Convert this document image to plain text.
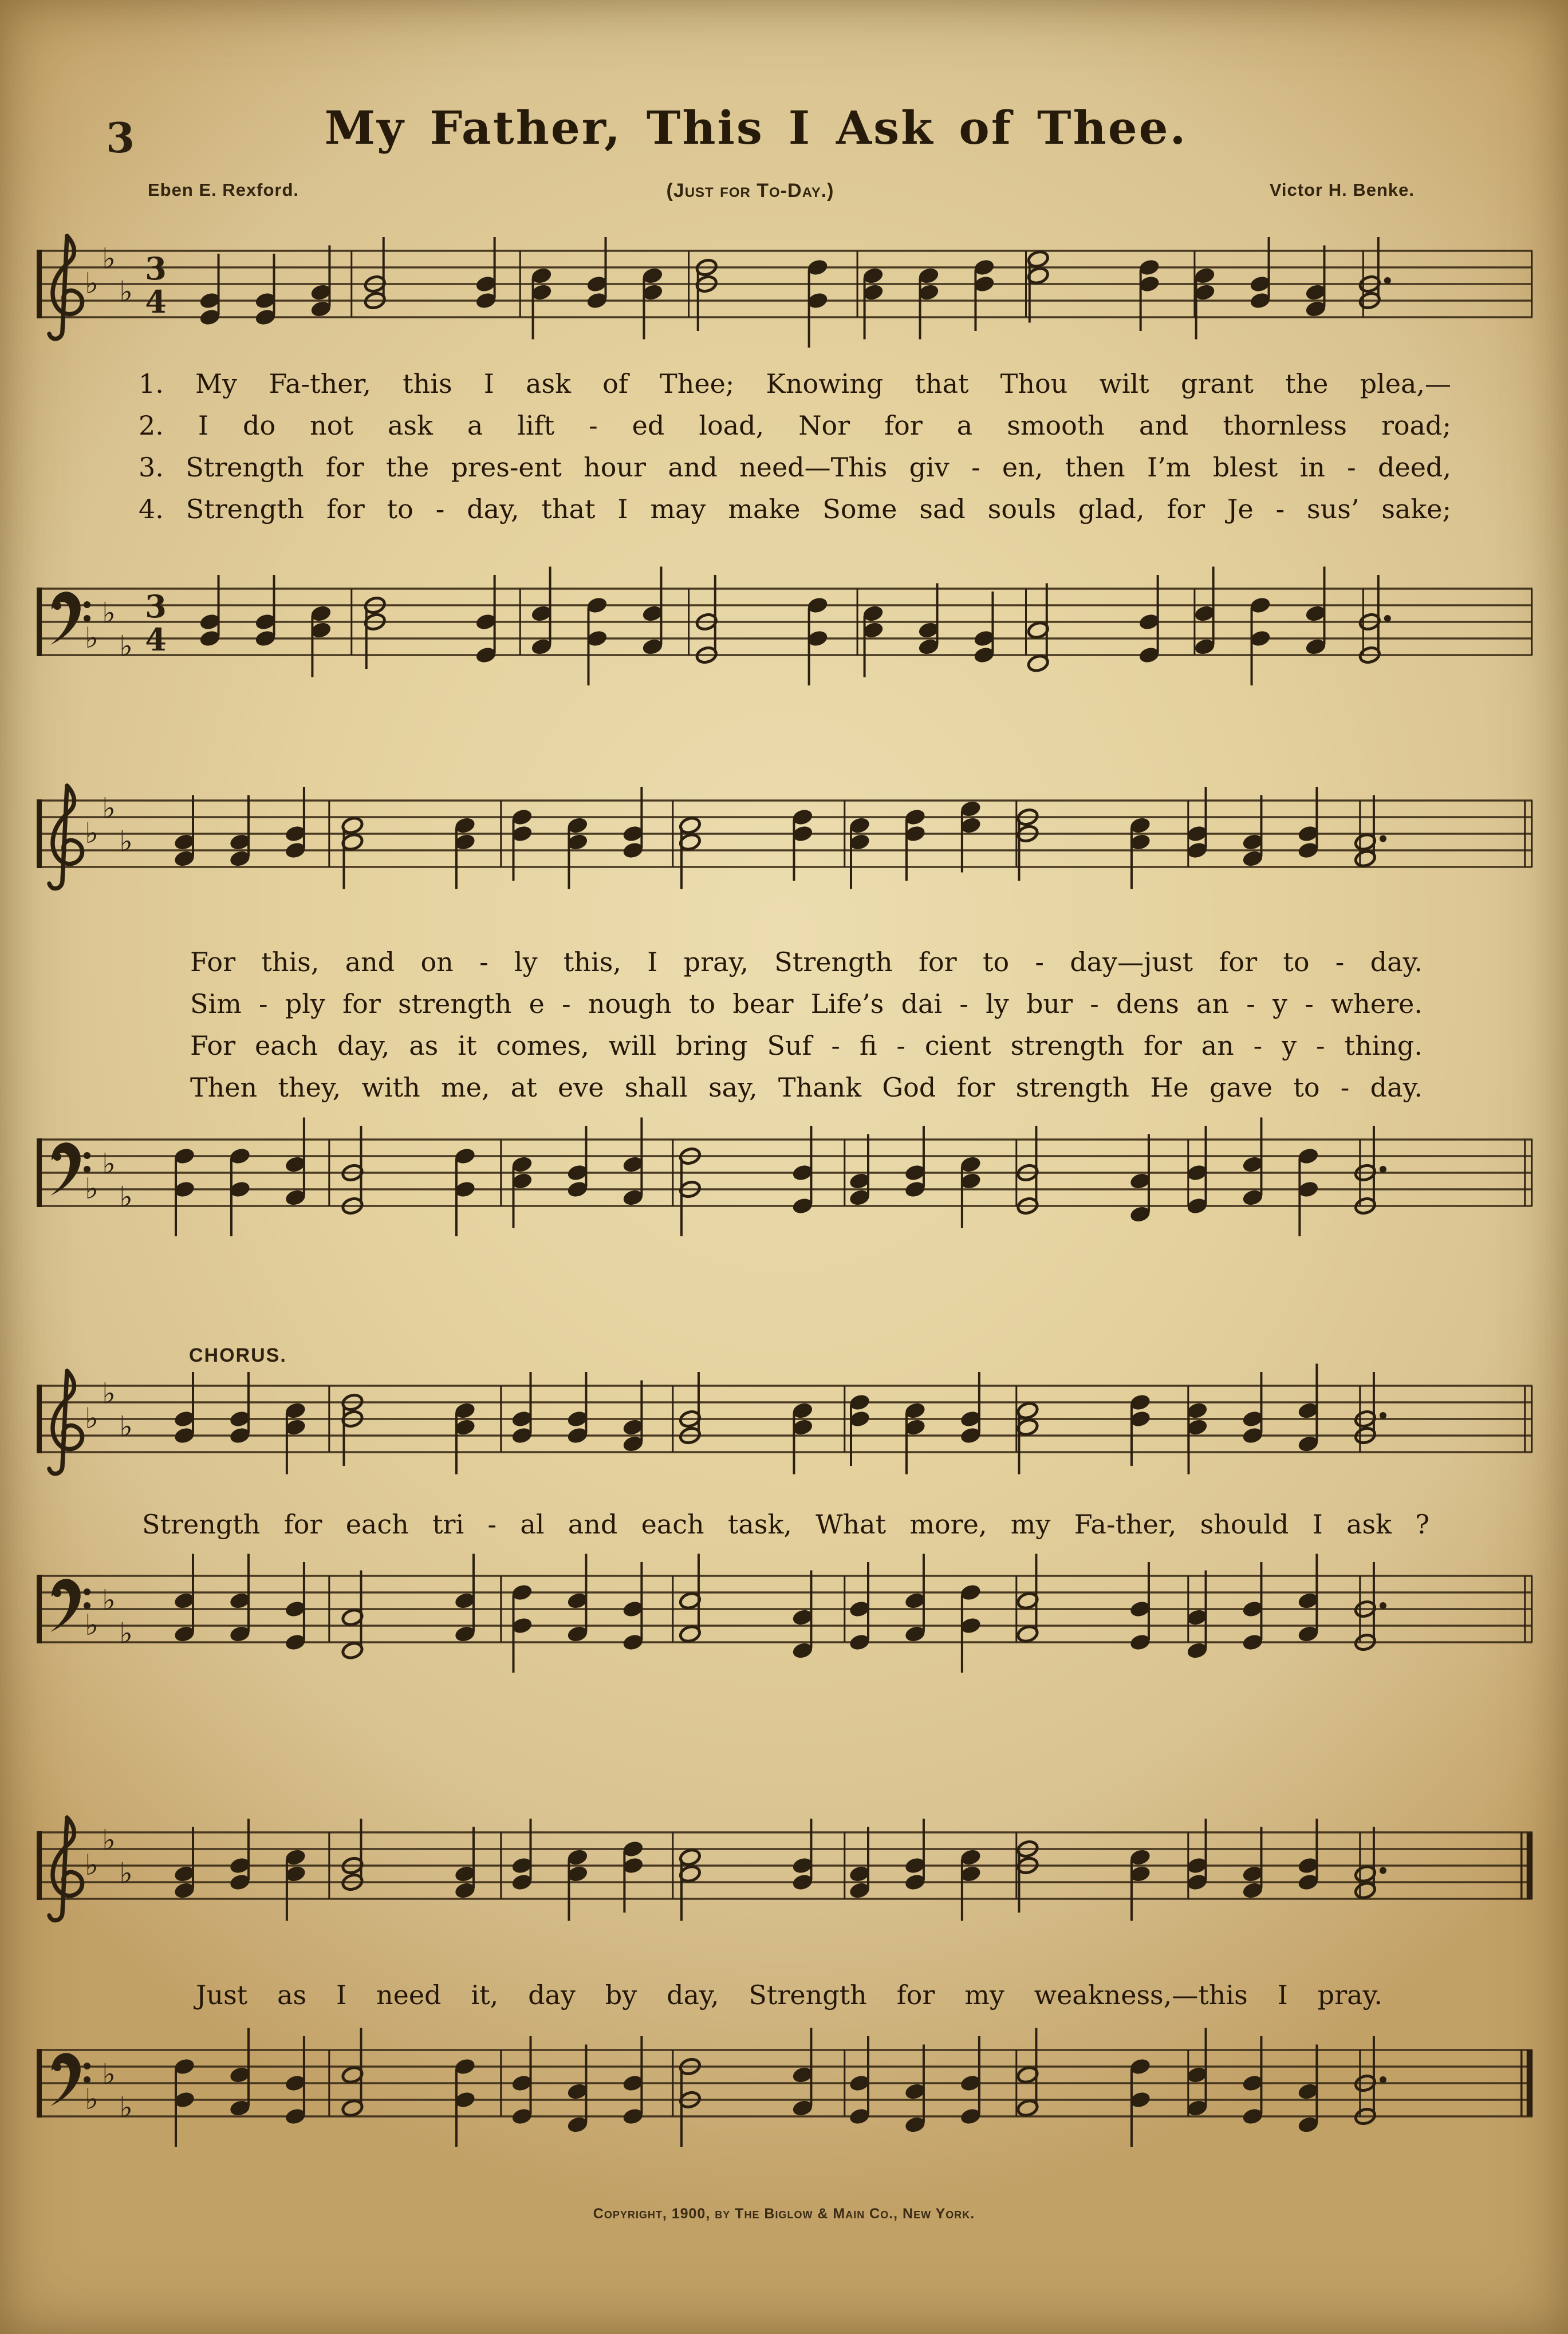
3	My Father, This I Ask of Thee.
Eben E. Rexford.	(Just for To-Day.)	Victor H. Benke.
♭
♭
♭
3
4
1. My Fa-ther, this I ask of Thee; Knowing that Thou wilt grant the plea,—
2. I do not ask a lift - ed load, Nor for a smooth and thornless road;
3. Strength for the pres-ent hour and need—This giv - en, then I’m blest in - deed,
4. Strength for to - day, that I may make Some sad souls glad, for Je - sus’ sake;
♭
♭
♭
3
4
♭
♭
♭
For this, and on - ly this, I pray, Strength for to - day—just for to - day.
Sim - ply for strength e - nough to bear Life’s dai - ly bur - dens an - y - where.
For each day, as it comes, will bring Suf - fi - cient strength for an - y - thing.
Then they, with me, at eve shall say, Thank God for strength He gave to - day.
♭
♭
♭
CHORUS.
♭
♭
♭
Strength for each tri - al and each task, What more, my Fa-ther, should I ask ?
♭
♭
♭
♭
♭
♭
Just as I need it, day by day, Strength for my weakness,—this I pray.
♭
♭
♭
Copyright, 1900, by The Biglow & Main Co., New York.
